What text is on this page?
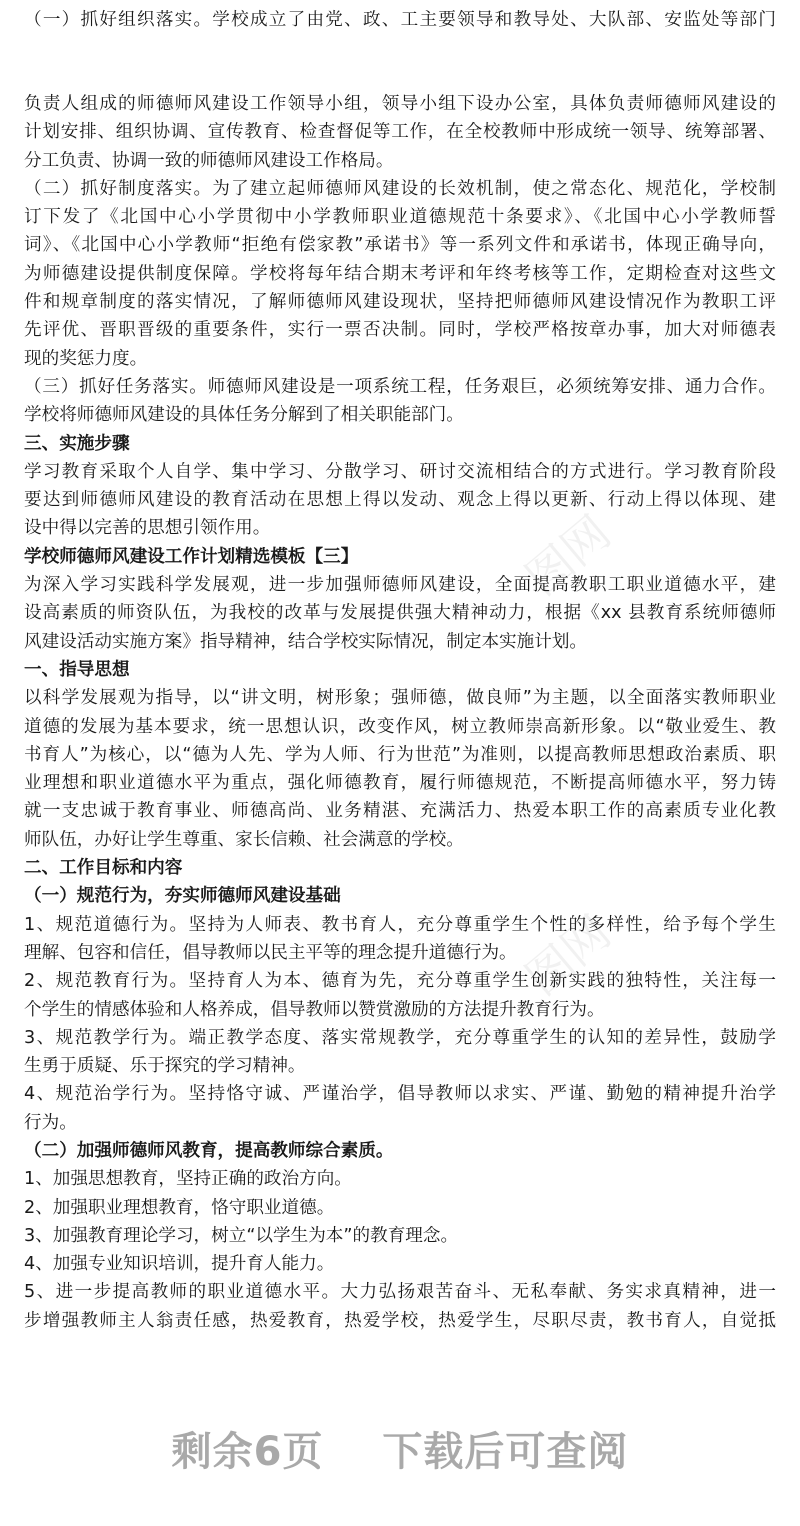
图网
图网
（一）抓好组织落实。学校成立了由党、政、工主要领导和教导处、大队部、安监处等部门
负责人组成的师德师风建设工作领导小组，领导小组下设办公室，具体负责师德师风建设的
计划安排、组织协调、宣传教育、检查督促等工作，在全校教师中形成统一领导、统筹部署、
分工负责、协调一致的师德师风建设工作格局。
（二）抓好制度落实。为了建立起师德师风建设的长效机制，使之常态化、规范化，学校制
订下发了《北国中心小学贯彻中小学教师职业道德规范十条要求》、《北国中心小学教师誓
词》、《北国中心小学教师“拒绝有偿家教”承诺书》等一系列文件和承诺书，体现正确导向，
为师德建设提供制度保障。学校将每年结合期末考评和年终考核等工作，定期检查对这些文
件和规章制度的落实情况，了解师德师风建设现状，坚持把师德师风建设情况作为教职工评
先评优、晋职晋级的重要条件，实行一票否决制。同时，学校严格按章办事，加大对师德表
现的奖惩力度。
（三）抓好任务落实。师德师风建设是一项系统工程，任务艰巨，必须统筹安排、通力合作。
学校将师德师风建设的具体任务分解到了相关职能部门。
三、实施步骤
学习教育采取个人自学、集中学习、分散学习、研讨交流相结合的方式进行。学习教育阶段
要达到师德师风建设的教育活动在思想上得以发动、观念上得以更新、行动上得以体现、建
设中得以完善的思想引领作用。
学校师德师风建设工作计划精选模板【三】
为深入学习实践科学发展观，进一步加强师德师风建设，全面提高教职工职业道德水平，建
设高素质的师资队伍，为我校的改革与发展提供强大精神动力，根据《xx 县教育系统师德师
风建设活动实施方案》指导精神，结合学校实际情况，制定本实施计划。
一、指导思想
以科学发展观为指导，以“讲文明，树形象；强师德，做良师”为主题，以全面落实教师职业
道德的发展为基本要求，统一思想认识，改变作风，树立教师崇高新形象。以“敬业爱生、教
书育人”为核心，以“德为人先、学为人师、行为世范”为准则，以提高教师思想政治素质、职
业理想和职业道德水平为重点，强化师德教育，履行师德规范，不断提高师德水平，努力铸
就一支忠诚于教育事业、师德高尚、业务精湛、充满活力、热爱本职工作的高素质专业化教
师队伍，办好让学生尊重、家长信赖、社会满意的学校。
二、工作目标和内容
（一）规范行为，夯实师德师风建设基础
1、规范道德行为。坚持为人师表、教书育人，充分尊重学生个性的多样性，给予每个学生
理解、包容和信任，倡导教师以民主平等的理念提升道德行为。
2、规范教育行为。坚持育人为本、德育为先，充分尊重学生创新实践的独特性，关注每一
个学生的情感体验和人格养成，倡导教师以赞赏激励的方法提升教育行为。
3、规范教学行为。端正教学态度、落实常规教学，充分尊重学生的认知的差异性，鼓励学
生勇于质疑、乐于探究的学习精神。
4、规范治学行为。坚持恪守诚、严谨治学，倡导教师以求实、严谨、勤勉的精神提升治学
行为。
（二）加强师德师风教育，提高教师综合素质。
1、加强思想教育，坚持正确的政治方向。
2、加强职业理想教育，恪守职业道德。
3、加强教育理论学习，树立“以学生为本”的教育理念。
4、加强专业知识培训，提升育人能力。
5、进一步提高教师的职业道德水平。大力弘扬艰苦奋斗、无私奉献、务实求真精神，进一
步增强教师主人翁责任感，热爱教育，热爱学校，热爱学生，尽职尽责，教书育人，自觉抵
剩余6页 下载后可查阅
